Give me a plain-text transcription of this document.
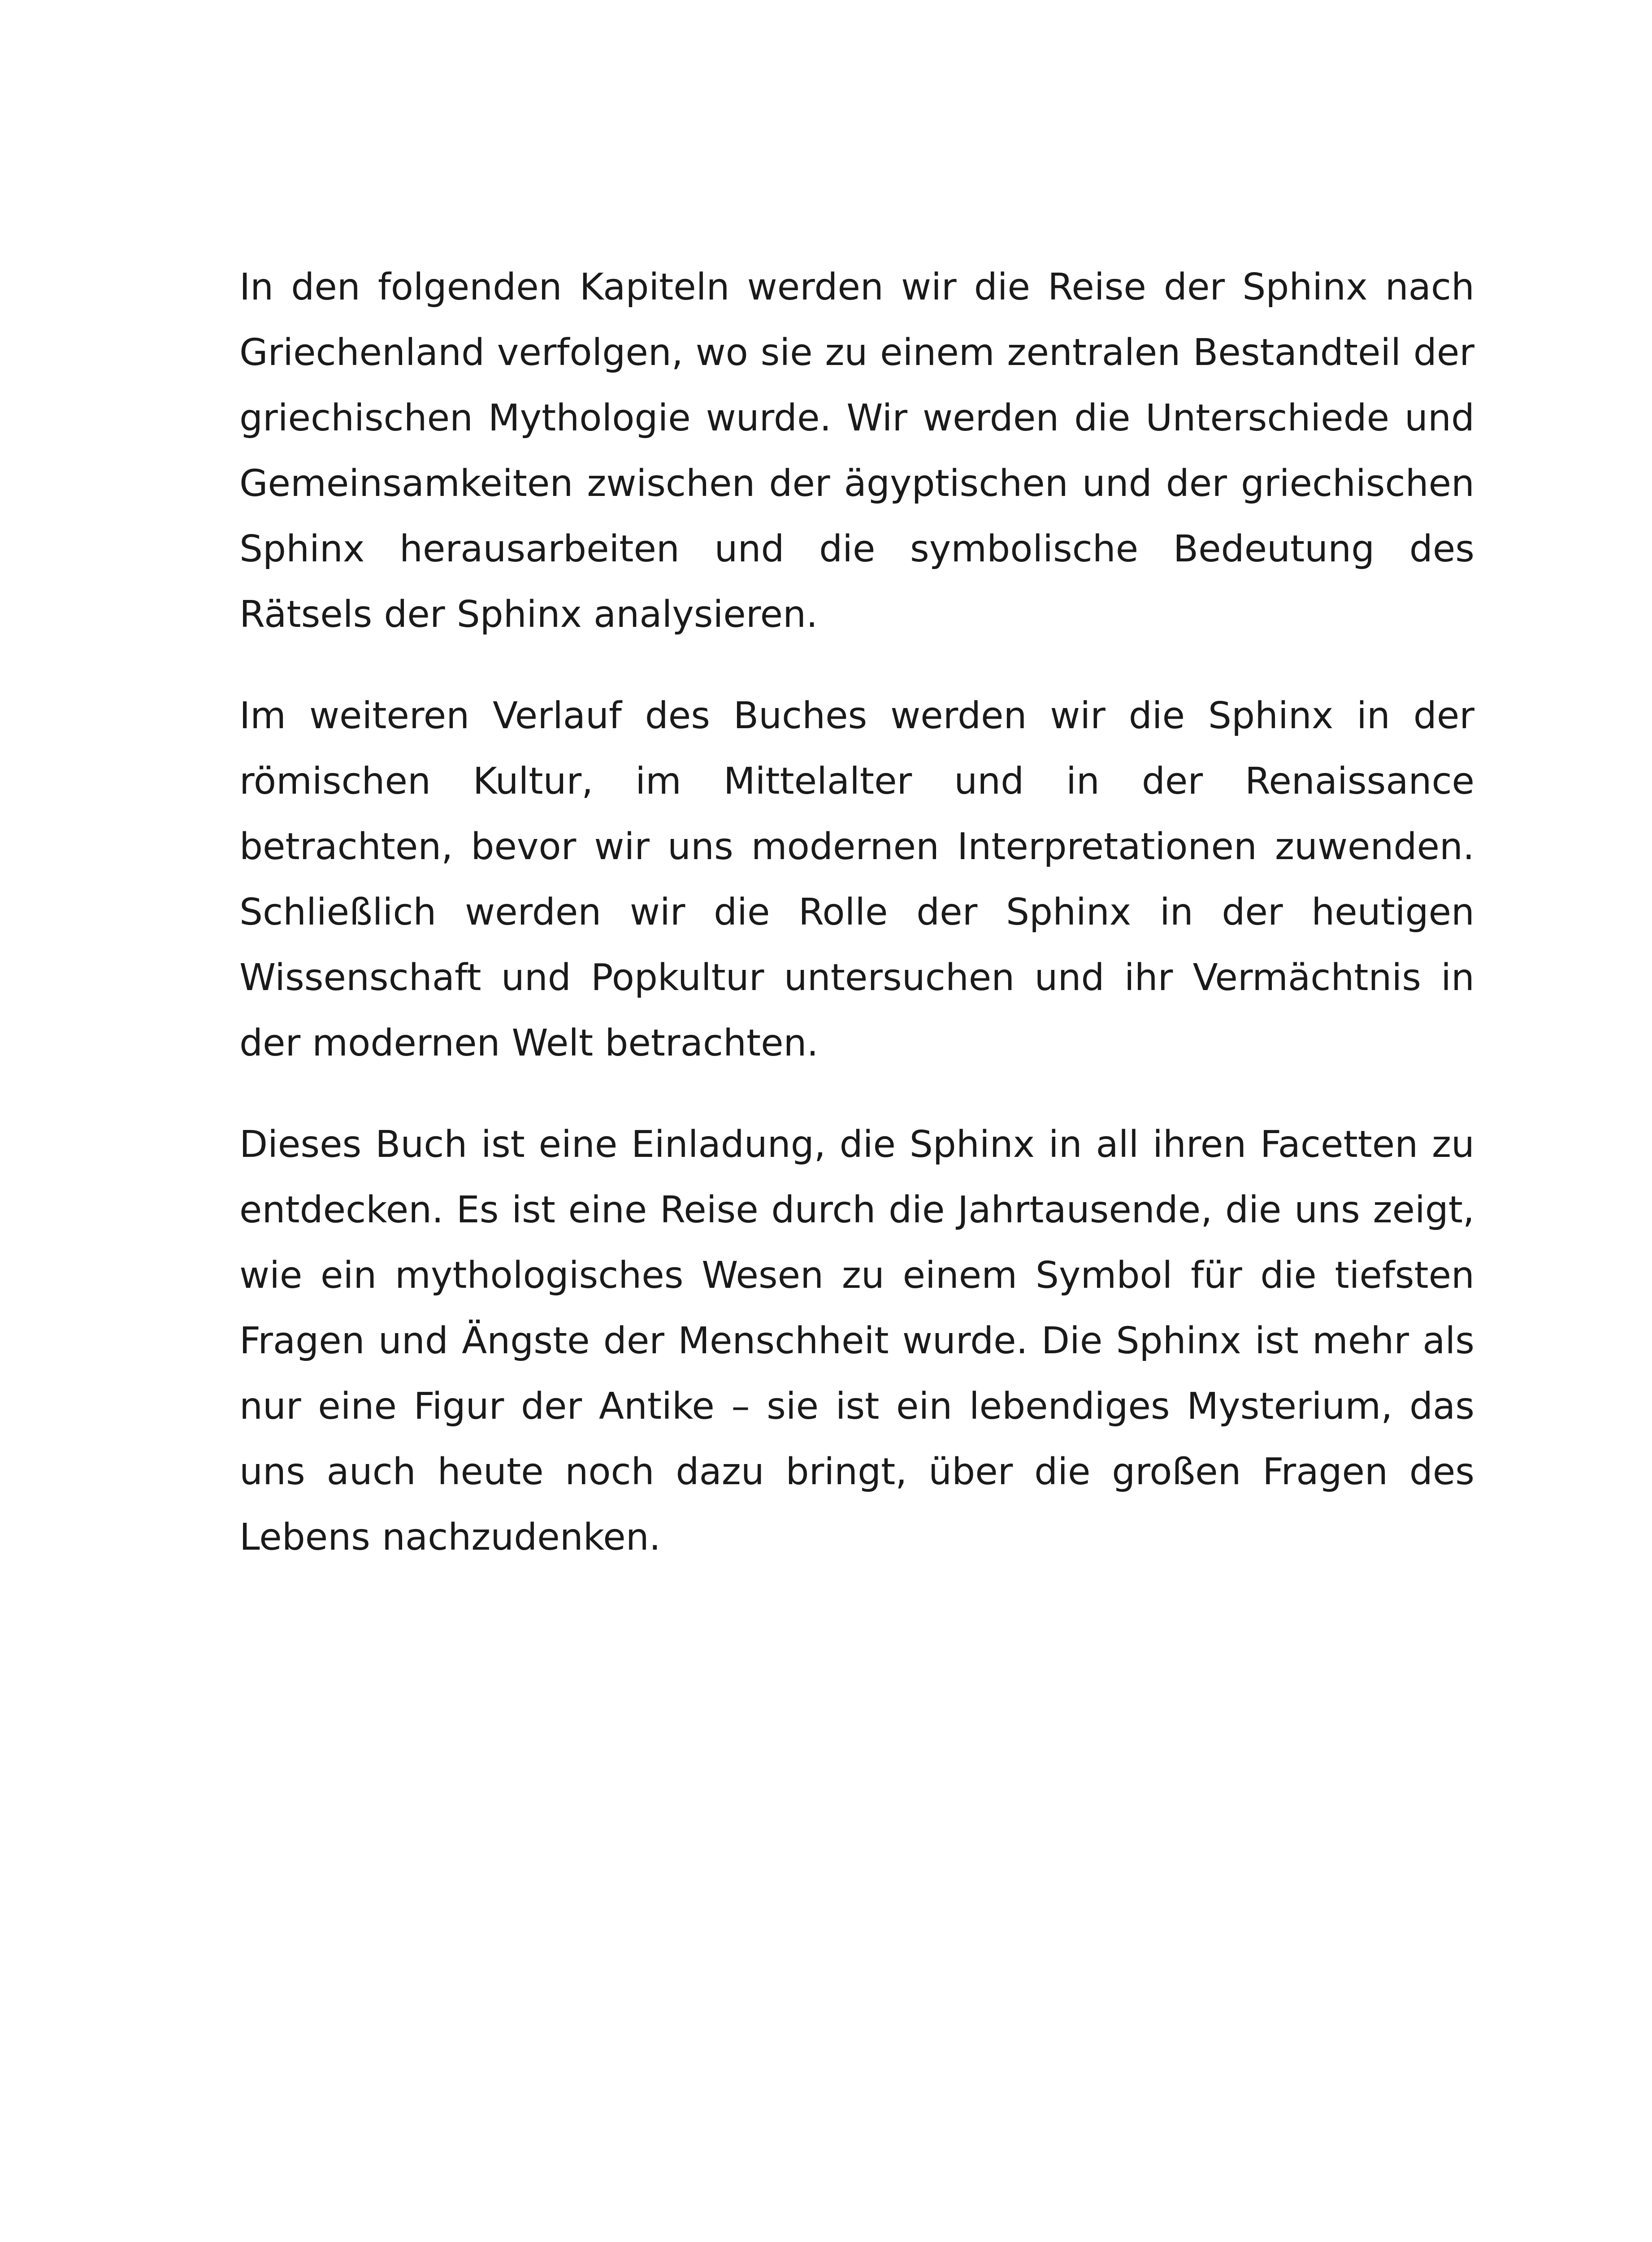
In den folgenden Kapiteln werden wir die Reise der Sphinx nach Griechenland verfolgen, wo sie zu einem zentralen Bestandteil der griechischen Mythologie wurde. Wir werden die Unterschiede und Gemeinsamkeiten zwischen der ägyptischen und der griechischen Sphinx herausarbeiten und die symbolische Bedeutung des Rätsels der Sphinx analysieren.

Im weiteren Verlauf des Buches werden wir die Sphinx in der römischen Kultur, im Mittelalter und in der Renaissance betrachten, bevor wir uns modernen Interpretationen zuwenden. Schließlich werden wir die Rolle der Sphinx in der heutigen Wissenschaft und Popkultur untersuchen und ihr Vermächtnis in der modernen Welt betrachten.

Dieses Buch ist eine Einladung, die Sphinx in all ihren Facetten zu entdecken. Es ist eine Reise durch die Jahrtausende, die uns zeigt, wie ein mythologisches Wesen zu einem Symbol für die tiefsten Fragen und Ängste der Menschheit wurde. Die Sphinx ist mehr als nur eine Figur der Antike – sie ist ein lebendiges Mysterium, das uns auch heute noch dazu bringt, über die großen Fragen des Lebens nachzudenken.
